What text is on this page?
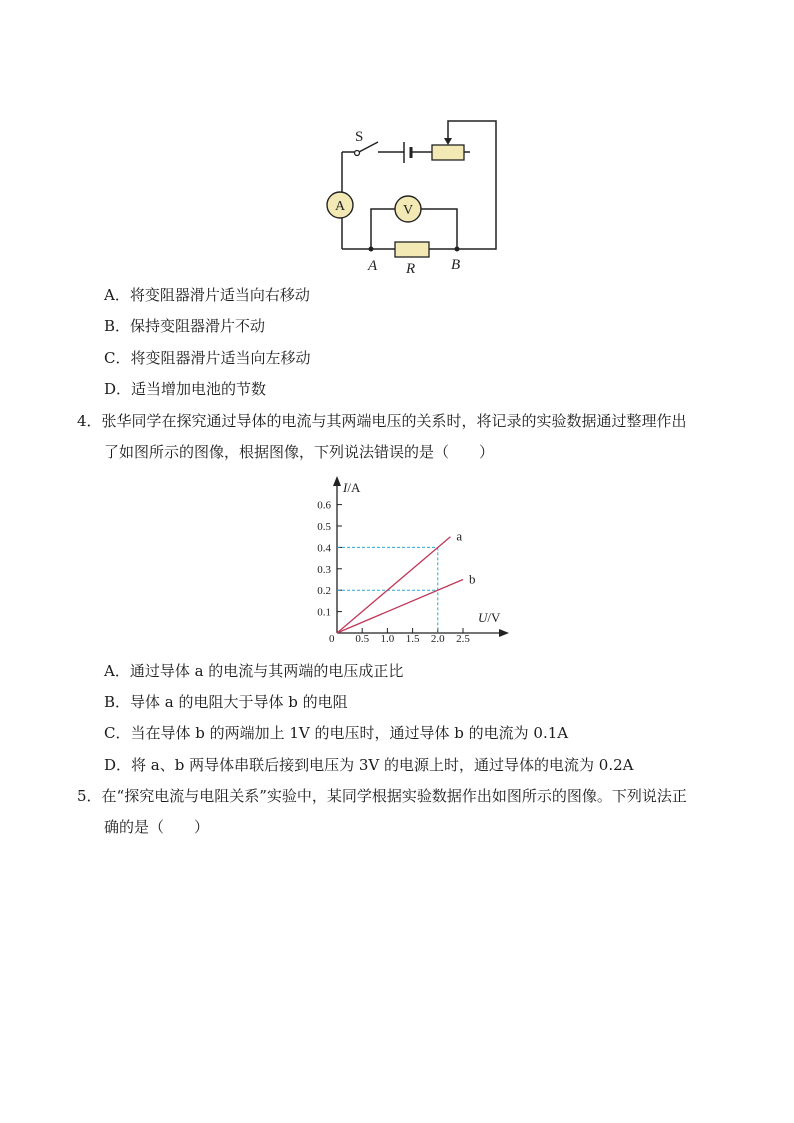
S
A	V
A R B
A．将变阻器滑片适当向右移动
B．保持变阻器滑片不动
C．将变阻器滑片适当向左移动
D．适当增加电池的节数
4．张华同学在探究通过导体的电流与其两端电压的关系时，将记录的实验数据通过整理作出
了如图所示的图像，根据图像，下列说法错误的是（　　）
I/A
U/V
0
0.1
0.2
0.3
0.4
0.5
0.6
0.5 1.0 1.5 2.0 2.5
a
b
A．通过导体 a 的电流与其两端的电压成正比
B．导体 a 的电阻大于导体 b 的电阻
C．当在导体 b 的两端加上 1V 的电压时，通过导体 b 的电流为 0.1A
D．将 a、b 两导体串联后接到电压为 3V 的电源上时，通过导体的电流为 0.2A
5．在“探究电流与电阻关系”实验中，某同学根据实验数据作出如图所示的图像。下列说法正
确的是（　　）
